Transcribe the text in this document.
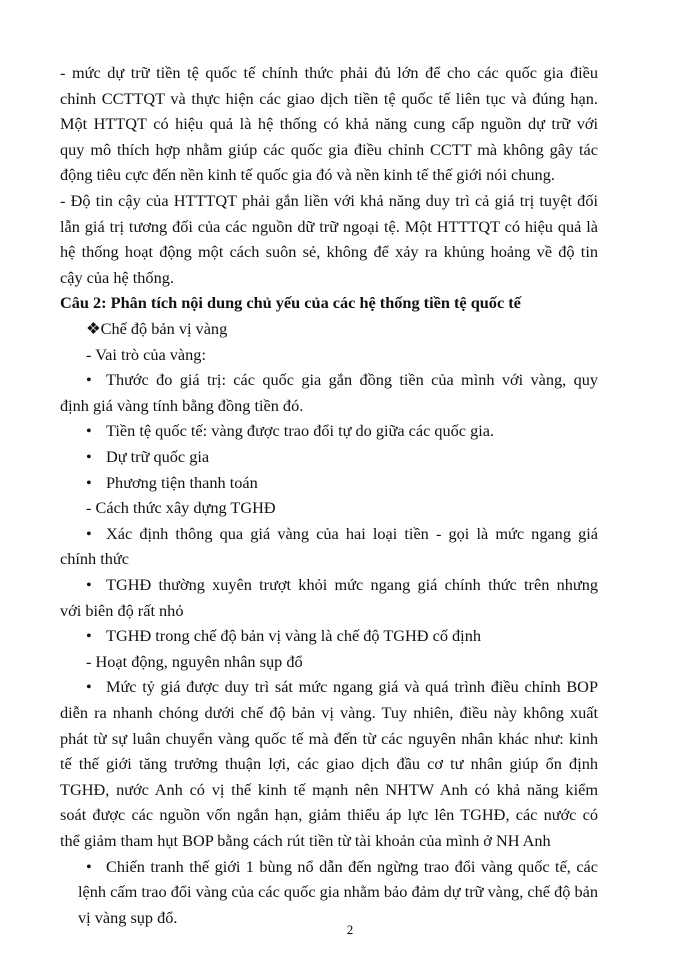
- mức dự trữ tiền tệ quốc tế chính thức phải đủ lớn để cho các quốc gia điều
chỉnh CCTTQT và thực hiện các giao dịch tiền tệ quốc tế liên tục và đúng hạn.
Một HTTQT có hiệu quả là hệ thống có khả năng cung cấp nguồn dự trữ với
quy mô thích hợp nhằm giúp các quốc gia điều chỉnh CCTT mà không gây tác
động tiêu cực đến nền kinh tế quốc gia đó và nền kinh tế thế giới nói chung.
- Độ tin cậy của HTTTQT phải gắn liền với khả năng duy trì cả giá trị tuyệt đối
lẫn giá trị tương đối của các nguồn dữ trữ ngoại tệ. Một HTTTQT có hiệu quả là
hệ thống hoạt động một cách suôn sẻ, không để xảy ra khủng hoảng về độ tin
cậy của hệ thống.
Câu 2: Phân tích nội dung chủ yếu của các hệ thống tiền tệ quốc tế
❖Chế độ bản vị vàng
- Vai trò của vàng:
• Thước đo giá trị: các quốc gia gắn đồng tiền của mình với vàng, quy
định giá vàng tính bằng đồng tiền đó.
• Tiền tệ quốc tế: vàng được trao đổi tự do giữa các quốc gia.
• Dự trữ quốc gia
• Phương tiện thanh toán
- Cách thức xây dựng TGHĐ
• Xác định thông qua giá vàng của hai loại tiền - gọi là mức ngang giá
chính thức
• TGHĐ thường xuyên trượt khỏi mức ngang giá chính thức trên nhưng
với biên độ rất nhỏ
• TGHĐ trong chế độ bản vị vàng là chế độ TGHĐ cố định
- Hoạt động, nguyên nhân sụp đổ
• Mức tỷ giá được duy trì sát mức ngang giá và quá trình điều chỉnh BOP
diễn ra nhanh chóng dưới chế độ bản vị vàng. Tuy nhiên, điều này không xuất
phát từ sự luân chuyển vàng quốc tế mà đến từ các nguyên nhân khác như: kinh
tế thế giới tăng trưởng thuận lợi, các giao dịch đầu cơ tư nhân giúp ổn định
TGHĐ, nước Anh có vị thế kinh tế mạnh nên NHTW Anh có khả năng kiểm
soát được các nguồn vốn ngắn hạn, giảm thiểu áp lực lên TGHĐ, các nước có
thể giảm tham hụt BOP bằng cách rút tiền từ tài khoản của mình ở NH Anh
• Chiến tranh thế giới 1 bùng nổ dẫn đến ngừng trao đổi vàng quốc tế, các
lệnh cấm trao đổi vàng của các quốc gia nhằm bảo đảm dự trữ vàng, chế độ bản
vị vàng sụp đổ.
2
